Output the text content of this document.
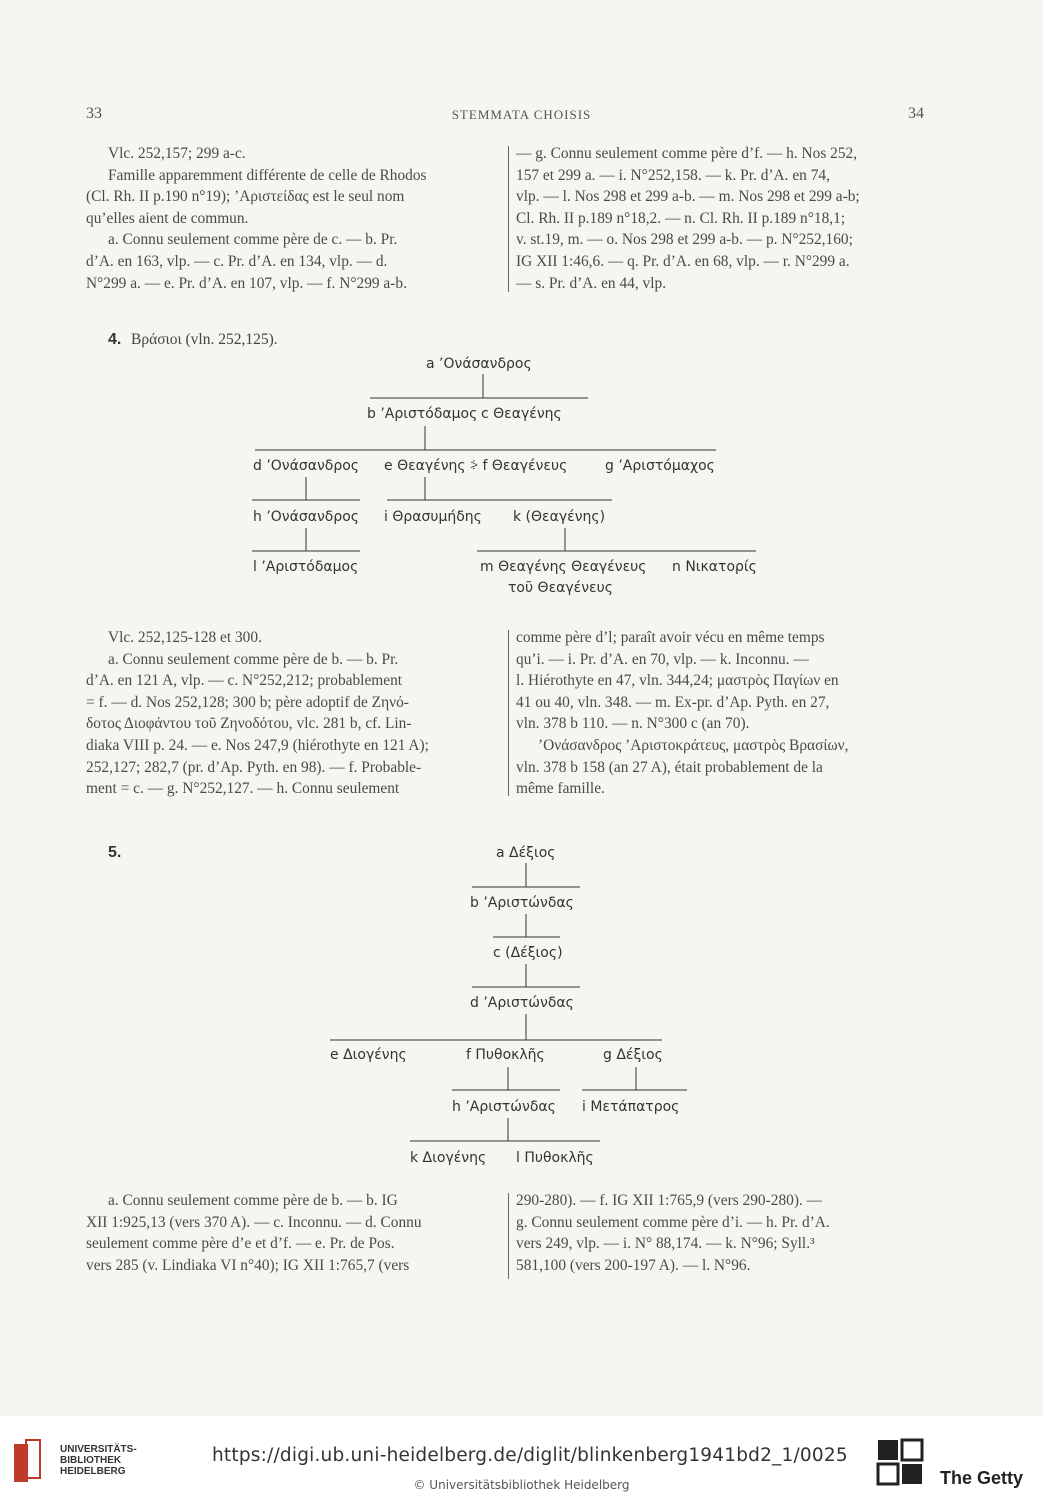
33	STEMMATA CHOISIS	34
Vlc. 252,157; 299 a-c.
Famille apparemment différente de celle de Rhodos
(Cl. Rh. II p.190 n°19); ’Αριστείδας est le seul nom
qu’elles aient de commun.
a. Connu seulement comme père de c. — b. Pr.
d’A. en 163, vlp. — c. Pr. d’A. en 134, vlp. — d.
N°299 a. — e. Pr. d’A. en 107, vlp. — f. N°299 a-b.
— g. Connu seulement comme père d’f. — h. Nos 252,
157 et 299 a. — i. N°252,158. — k. Pr. d’A. en 74,
vlp. — l. Nos 298 et 299 a-b. — m. Nos 298 et 299 a-b;
Cl. Rh. II p.189 n°18,2. — n. Cl. Rh. II p.189 n°18,1;
v. st.19, m. — o. Nos 298 et 299 a-b. — p. N°252,160;
IG XII 1:46,6. — q. Pr. d’A. en 68, vlp. — r. N°299 a.
— s. Pr. d’A. en 44, vlp.
4. Βράσιοι (vln. 252,125).
a ’Ονάσανδρος
b ’Αριστόδαμος c Θεαγένης
d ’Ονάσανδρος e Θεαγένης ⸖ f Θεαγένευς	g ’Αριστόμαχος
h ’Ονάσανδρος i Θρασυμήδης k (Θεαγένης)
l ’Αριστόδαμος	m Θεαγένης Θεαγένευς
τοῦ Θεαγένευς
n Νικατορίς
a Δέξιος
b ’Αριστώνδας
c (Δέξιος)
d ’Αριστώνδας
e Διογένης	f Πυθοκλῆς	g Δέξιος
h ’Αριστώνδας i Μετάπατρος
k Διογένης l Πυθοκλῆς
Vlc. 252,125-128 et 300.
a. Connu seulement comme père de b. — b. Pr.
d’A. en 121 A, vlp. — c. N°252,212; probablement
= f. — d. Nos 252,128; 300 b; père adoptif de Ζηνό-
δοτος Διοφάντου τοῦ Ζηνοδότου, vlc. 281 b, cf. Lin-
diaka VIII p. 24. — e. Nos 247,9 (hiérothyte en 121 A);
252,127; 282,7 (pr. d’Ap. Pyth. en 98). — f. Probable-
ment = c. — g. N°252,127. — h. Connu seulement
comme père d’l; paraît avoir vécu en même temps
qu’i. — i. Pr. d’A. en 70, vlp. — k. Inconnu. —
l. Hiérothyte en 47, vln. 344,24; μαστρὸς Παγίων en
41 ou 40, vln. 348. — m. Ex-pr. d’Ap. Pyth. en 27,
vln. 378 b 110. — n. N°300 c (an 70).
’Ονάσανδρος ’Αριστοκράτευς, μαστρὸς Βρασίων,
vln. 378 b 158 (an 27 A), était probablement de la
même famille.
5.
a. Connu seulement comme père de b. — b. IG
XII 1:925,13 (vers 370 A). — c. Inconnu. — d. Connu
seulement comme père d’e et d’f. — e. Pr. de Pos.
vers 285 (v. Lindiaka VI n°40); IG XII 1:765,7 (vers
290-280). — f. IG XII 1:765,9 (vers 290-280). —
g. Connu seulement comme père d’i. — h. Pr. d’A.
vers 249, vlp. — i. N° 88,174. — k. N°96; Syll.³
581,100 (vers 200-197 A). — l. N°96.
UNIVERSITÄTS-
BIBLIOTHEK
HEIDELBERG
https://digi.ub.uni-heidelberg.de/diglit/blinkenberg1941bd2_1/0025
© Universitätsbibliothek Heidelberg	The Getty
